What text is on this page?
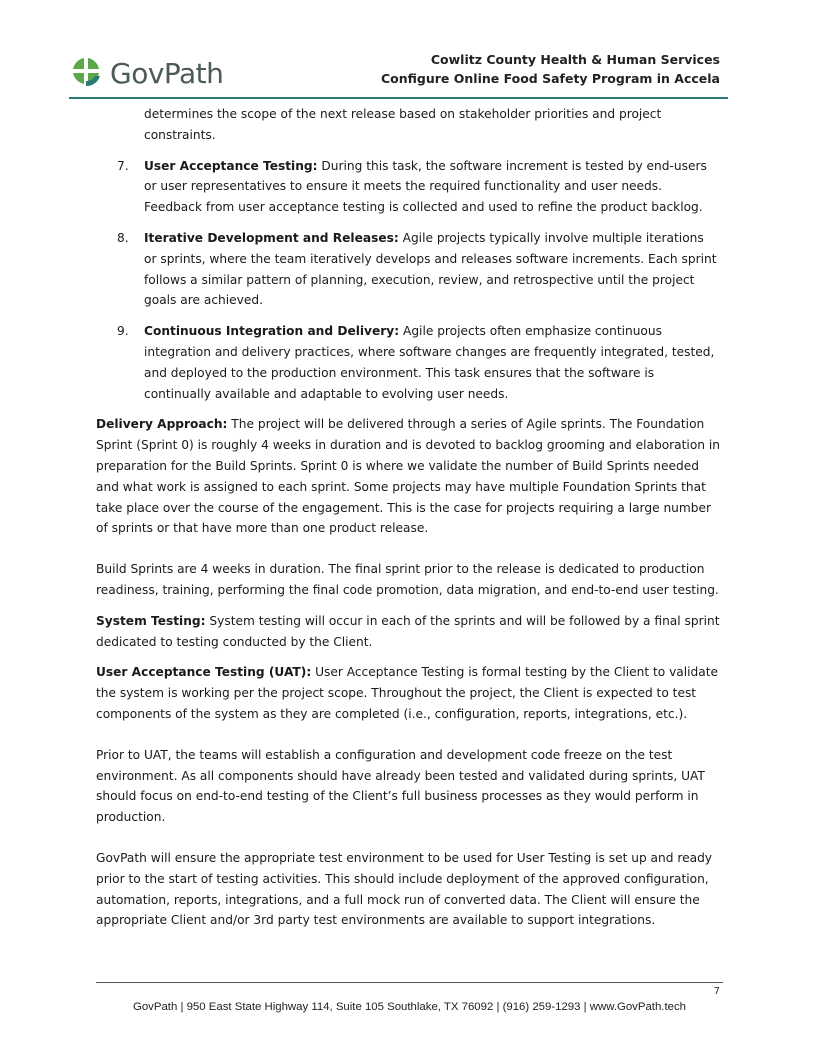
GovPath	Cowlitz County Health & Human Services
Configure Online Food Safety Program in Accela
determines the scope of the next release based on stakeholder priorities and project constraints.
7. User Acceptance Testing: During this task, the software increment is tested by end-users or user representatives to ensure it meets the required functionality and user needs. Feedback from user acceptance testing is collected and used to refine the product backlog.
8. Iterative Development and Releases: Agile projects typically involve multiple iterations or sprints, where the team iteratively develops and releases software increments. Each sprint follows a similar pattern of planning, execution, review, and retrospective until the project goals are achieved.
9. Continuous Integration and Delivery: Agile projects often emphasize continuous integration and delivery practices, where software changes are frequently integrated, tested, and deployed to the production environment. This task ensures that the software is continually available and adaptable to evolving user needs.
Delivery Approach: The project will be delivered through a series of Agile sprints. The Foundation Sprint (Sprint 0) is roughly 4 weeks in duration and is devoted to backlog grooming and elaboration in preparation for the Build Sprints. Sprint 0 is where we validate the number of Build Sprints needed and what work is assigned to each sprint. Some projects may have multiple Foundation Sprints that take place over the course of the engagement. This is the case for projects requiring a large number of sprints or that have more than one product release.
Build Sprints are 4 weeks in duration. The final sprint prior to the release is dedicated to production readiness, training, performing the final code promotion, data migration, and end-to-end user testing.
System Testing: System testing will occur in each of the sprints and will be followed by a final sprint dedicated to testing conducted by the Client.
User Acceptance Testing (UAT): User Acceptance Testing is formal testing by the Client to validate the system is working per the project scope. Throughout the project, the Client is expected to test components of the system as they are completed (i.e., configuration, reports, integrations, etc.).
Prior to UAT, the teams will establish a configuration and development code freeze on the test environment. As all components should have already been tested and validated during sprints, UAT should focus on end-to-end testing of the Client’s full business processes as they would perform in production.
GovPath will ensure the appropriate test environment to be used for User Testing is set up and ready prior to the start of testing activities. This should include deployment of the approved configuration, automation, reports, integrations, and a full mock run of converted data. The Client will ensure the appropriate Client and/or 3rd party test environments are available to support integrations.
7
GovPath | 950 East State Highway 114, Suite 105 Southlake, TX 76092 | (916) 259-1293 | www.GovPath.tech
